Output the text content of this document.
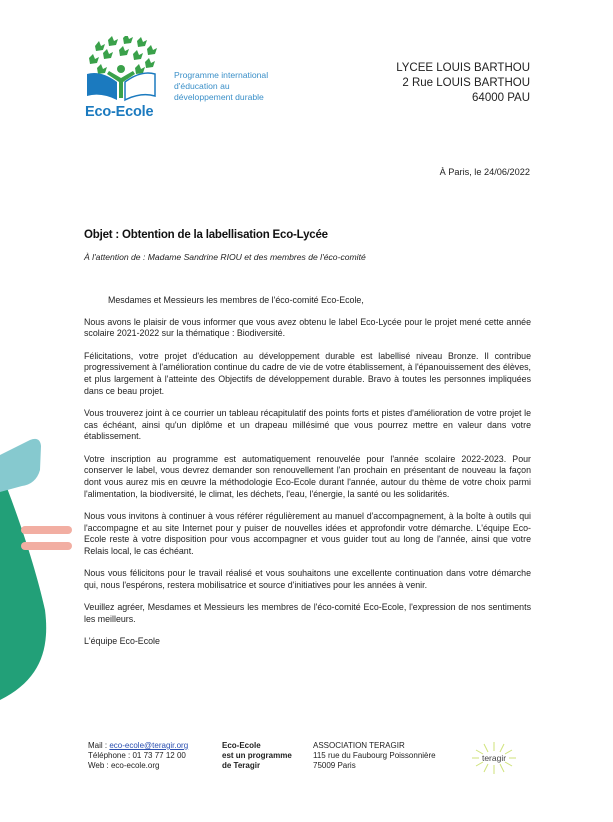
Eco-Ecole
Programme international
d'éducation au
développement durable
LYCEE LOUIS BARTHOU
2 Rue LOUIS BARTHOU
64000 PAU
À Paris, le 24/06/2022
Objet : Obtention de la labellisation Eco-Lycée
À l'attention de : Madame Sandrine RIOU et des membres de l'éco-comité

Mesdames et Messieurs les membres de l'éco-comité Eco-Ecole,

Nous avons le plaisir de vous informer que vous avez obtenu le label Eco-Lycée pour le projet mené cette année scolaire 2021-2022 sur la thématique : Biodiversité.

Félicitations, votre projet d'éducation au développement durable est labellisé niveau Bronze. Il contribue progressivement à l'amélioration continue du cadre de vie de votre établissement, à l'épanouissement des élèves, et plus largement à l'atteinte des Objectifs de développement durable. Bravo à toutes les personnes impliquées dans ce beau projet.

Vous trouverez joint à ce courrier un tableau récapitulatif des points forts et pistes d'amélioration de votre projet le cas échéant, ainsi qu'un diplôme et un drapeau millésimé que vous pourrez mettre en valeur dans votre établissement.

Votre inscription au programme est automatiquement renouvelée pour l'année scolaire 2022-2023. Pour conserver le label, vous devrez demander son renouvellement l'an prochain en présentant de nouveau la façon dont vous aurez mis en œuvre la méthodologie Eco-Ecole durant l'année, autour du thème de votre choix parmi l'alimentation, la biodiversité, le climat, les déchets, l'eau, l'énergie, la santé ou les solidarités.

Nous vous invitons à continuer à vous référer régulièrement au manuel d'accompagnement, à la boîte à outils qui l'accompagne et au site Internet pour y puiser de nouvelles idées et approfondir votre démarche. L'équipe Eco-Ecole reste à votre disposition pour vous accompagner et vous guider tout au long de l'année, ainsi que votre Relais local, le cas échéant.

Nous vous félicitons pour le travail réalisé et vous souhaitons une excellente continuation dans votre démarche qui, nous l'espérons, restera mobilisatrice et source d'initiatives pour les années à venir.

Veuillez agréer, Mesdames et Messieurs les membres de l'éco-comité Eco-Ecole, l'expression de nos sentiments les meilleurs.

L'équipe Eco-Ecole

Mail : eco-ecole@teragir.org
Téléphone : 01 73 77 12 00
Web : eco-ecole.org
Eco-Ecole
est un programme
de Teragir
ASSOCIATION TERAGIR
115 rue du Faubourg Poissonnière
75009 Paris
teragir
